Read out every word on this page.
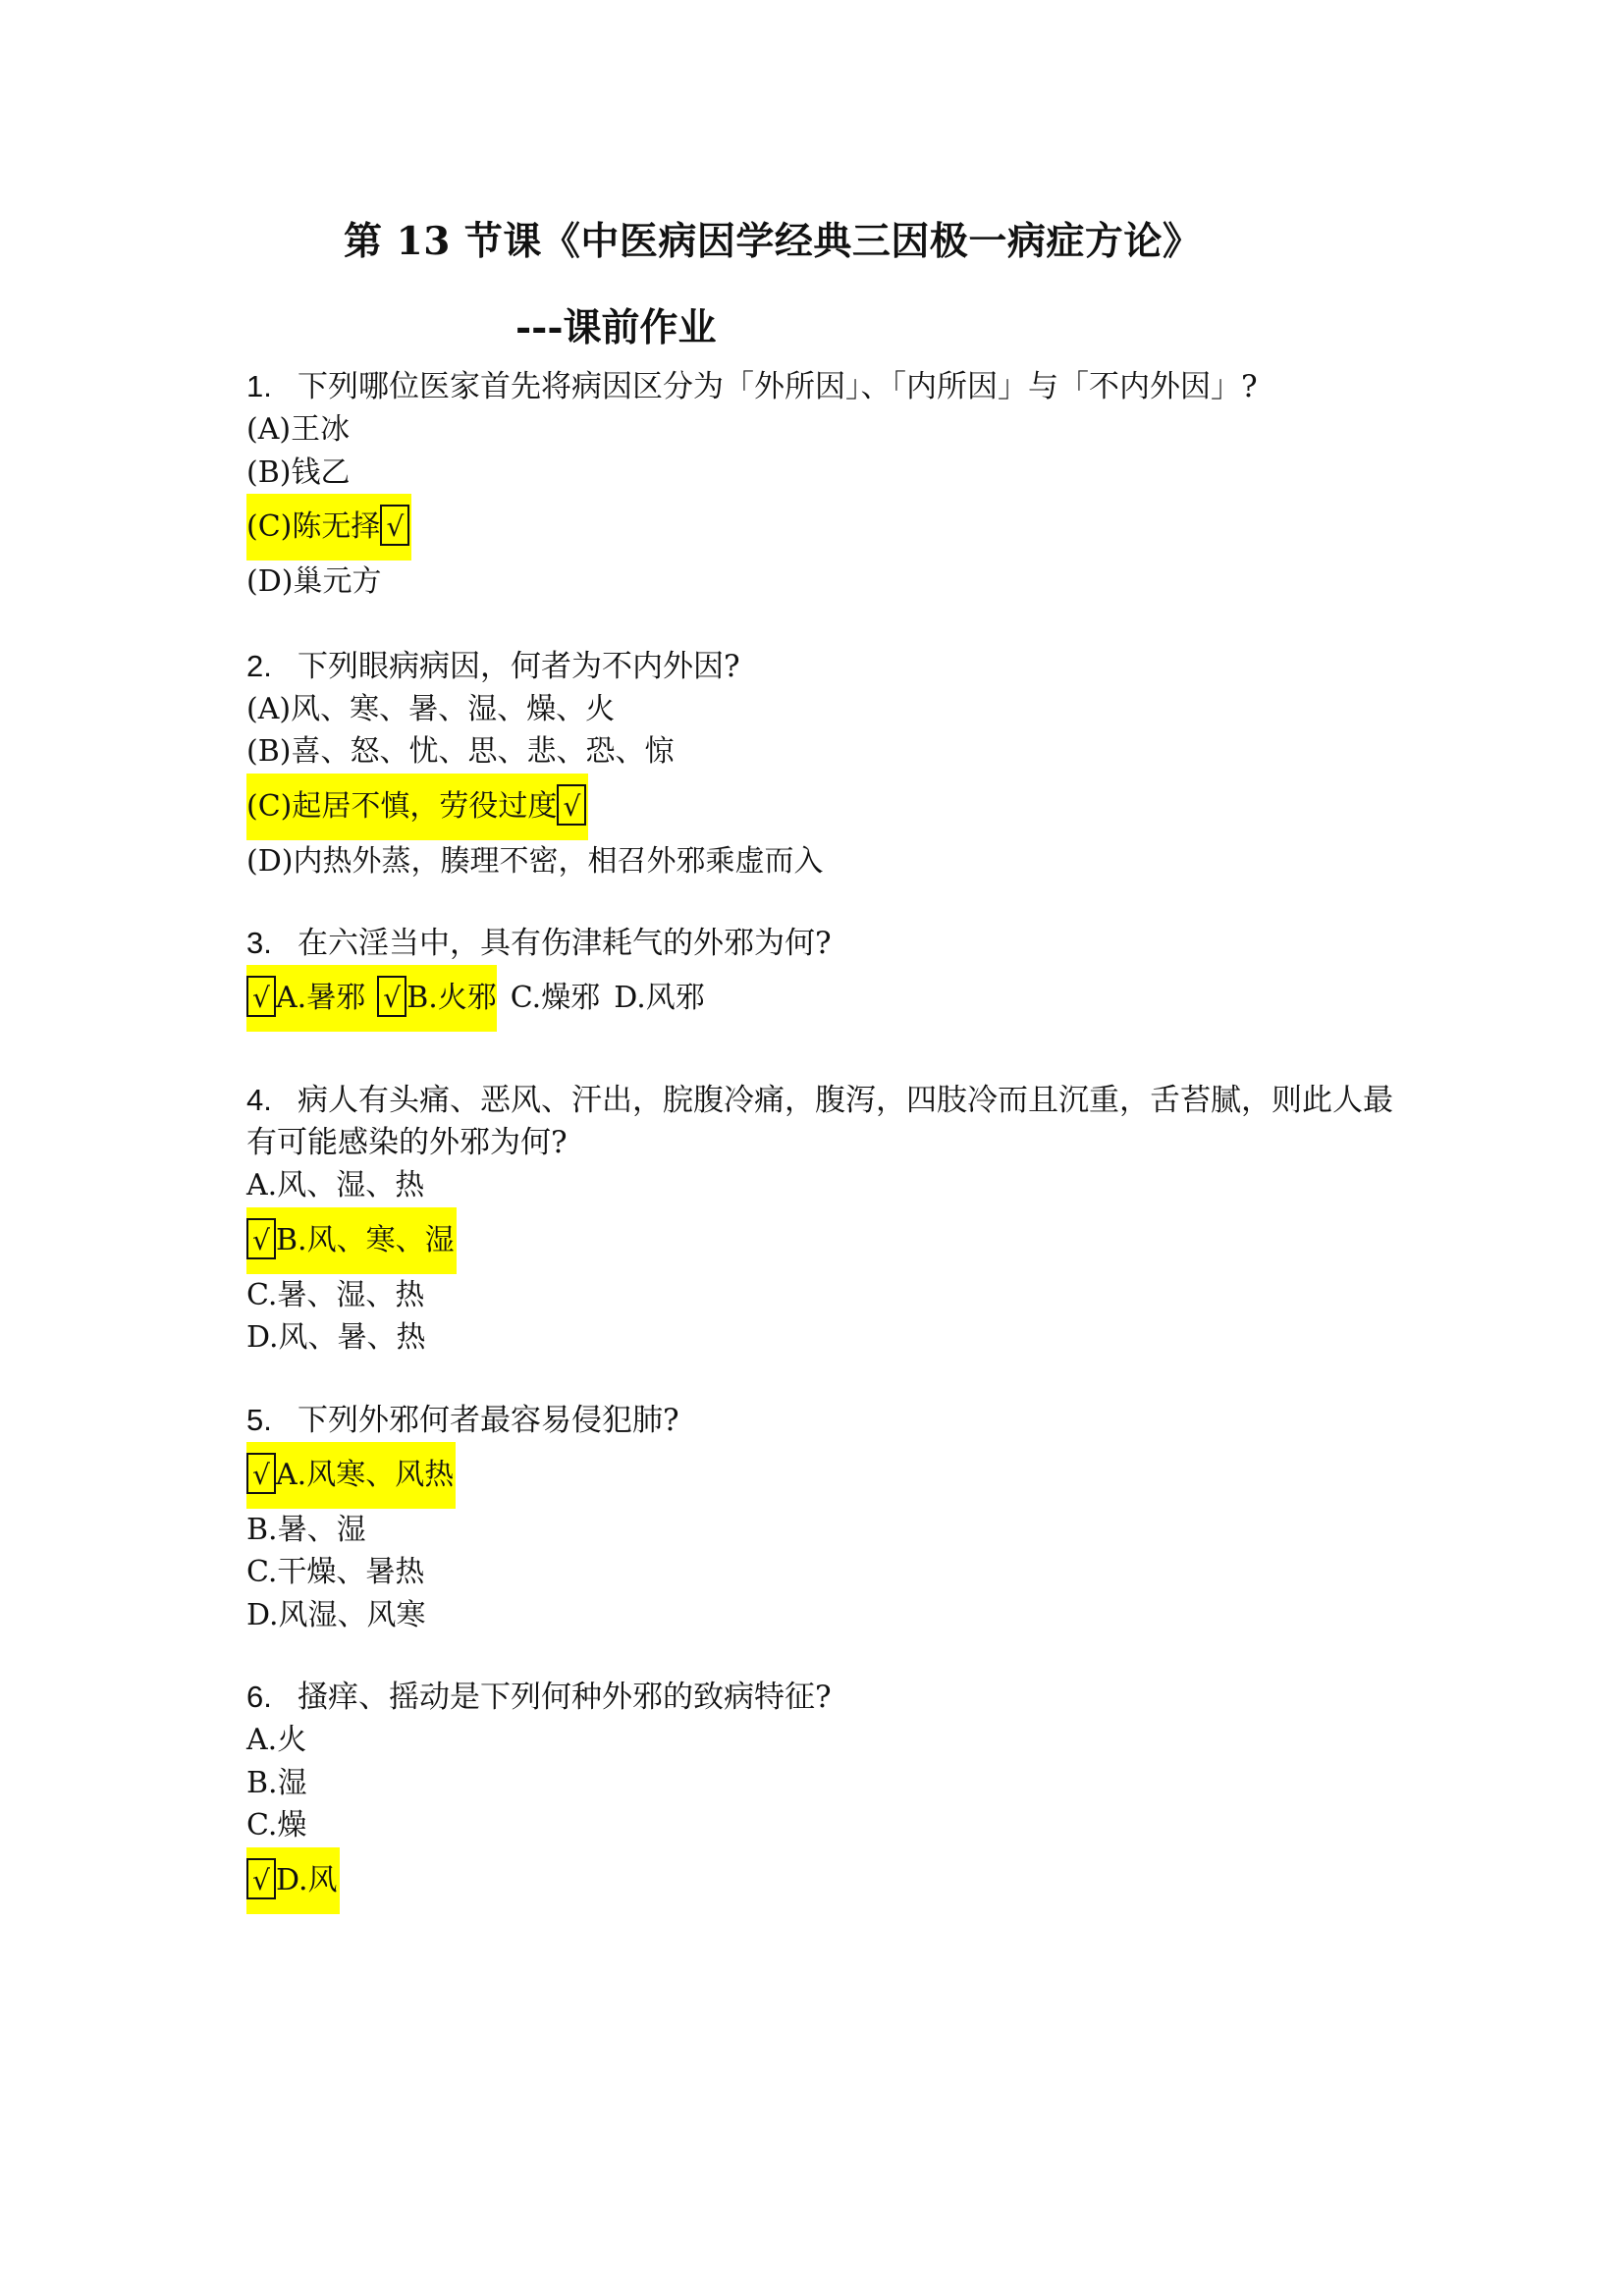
第 13 节课《中医病因学经典三因极一病症方论》
---课前作业
1. 下列哪位医家首先将病因区分为「外所因」、「内所因」与「不内外因」?
(A)王冰
(B)钱乙
(C)陈无择 √
(D)巢元方
2. 下列眼病病因，何者为不内外因?
(A)风、寒、暑、湿、燥、火
(B)喜、怒、忧、思、悲、恐、惊
(C)起居不慎，劳役过度 √
(D)内热外蒸，腠理不密，相召外邪乘虚而入
3. 在六淫当中，具有伤津耗气的外邪为何?
√ A.暑邪 √ B.火邪 C.燥邪 D.风邪
4. 病人有头痛、恶风、汗出，脘腹冷痛，腹泻，四肢冷而且沉重，舌苔腻，则此人最有可能感染的外邪为何?
A.风、湿、热
√ B.风、寒、湿
C.暑、湿、热
D.风、暑、热
5. 下列外邪何者最容易侵犯肺?
√ A.风寒、风热
B.暑、湿
C.干燥、暑热
D.风湿、风寒
6. 搔痒、摇动是下列何种外邪的致病特征?
A.火
B.湿
C.燥
√ D.风
